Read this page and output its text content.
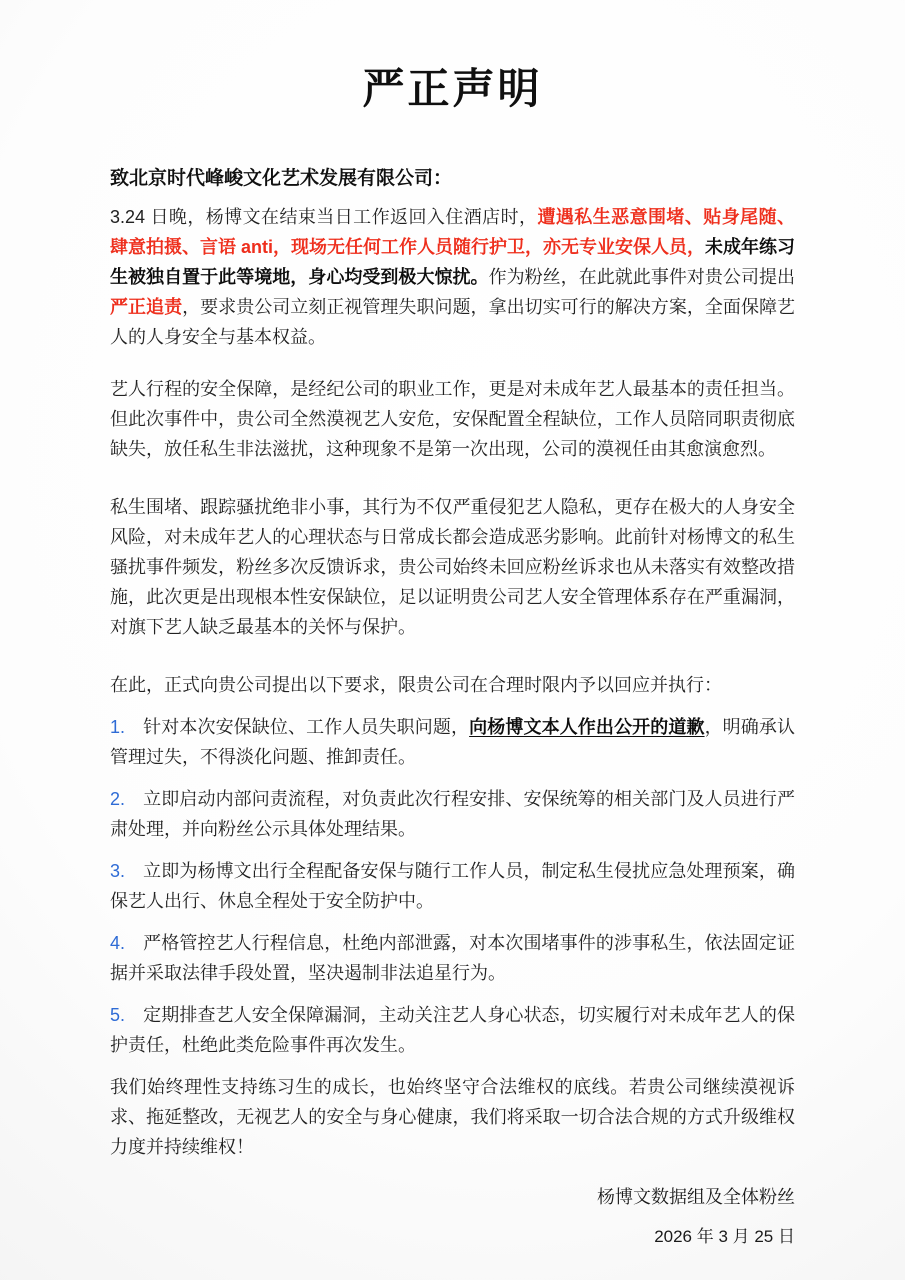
严正声明

致北京时代峰峻文化艺术发展有限公司：

3.24 日晚，杨博文在结束当日工作返回入住酒店时，遭遇私生恶意围堵、贴身尾随、肆意拍摄、言语 anti，现场无任何工作人员随行护卫，亦无专业安保人员，未成年练习生被独自置于此等境地，身心均受到极大惊扰。作为粉丝，在此就此事件对贵公司提出严正追责，要求贵公司立刻正视管理失职问题，拿出切实可行的解决方案，全面保障艺人的人身安全与基本权益。

艺人行程的安全保障，是经纪公司的职业工作，更是对未成年艺人最基本的责任担当。但此次事件中，贵公司全然漠视艺人安危，安保配置全程缺位，工作人员陪同职责彻底缺失，放任私生非法滋扰，这种现象不是第一次出现，公司的漠视任由其愈演愈烈。

私生围堵、跟踪骚扰绝非小事，其行为不仅严重侵犯艺人隐私，更存在极大的人身安全风险，对未成年艺人的心理状态与日常成长都会造成恶劣影响。此前针对杨博文的私生骚扰事件频发，粉丝多次反馈诉求，贵公司始终未回应粉丝诉求也从未落实有效整改措施，此次更是出现根本性安保缺位，足以证明贵公司艺人安全管理体系存在严重漏洞，对旗下艺人缺乏最基本的关怀与保护。

在此，正式向贵公司提出以下要求，限贵公司在合理时限内予以回应并执行：

1. 针对本次安保缺位、工作人员失职问题，向杨博文本人作出公开的道歉，明确承认管理过失，不得淡化问题、推卸责任。

2. 立即启动内部问责流程，对负责此次行程安排、安保统筹的相关部门及人员进行严肃处理，并向粉丝公示具体处理结果。

3. 立即为杨博文出行全程配备安保与随行工作人员，制定私生侵扰应急处理预案，确保艺人出行、休息全程处于安全防护中。

4. 严格管控艺人行程信息，杜绝内部泄露，对本次围堵事件的涉事私生，依法固定证据并采取法律手段处置，坚决遏制非法追星行为。

5. 定期排查艺人安全保障漏洞，主动关注艺人身心状态，切实履行对未成年艺人的保护责任，杜绝此类危险事件再次发生。

我们始终理性支持练习生的成长，也始终坚守合法维权的底线。若贵公司继续漠视诉求、拖延整改，无视艺人的安全与身心健康，我们将采取一切合法合规的方式升级维权力度并持续维权！

杨博文数据组及全体粉丝

2026 年 3 月 25 日
